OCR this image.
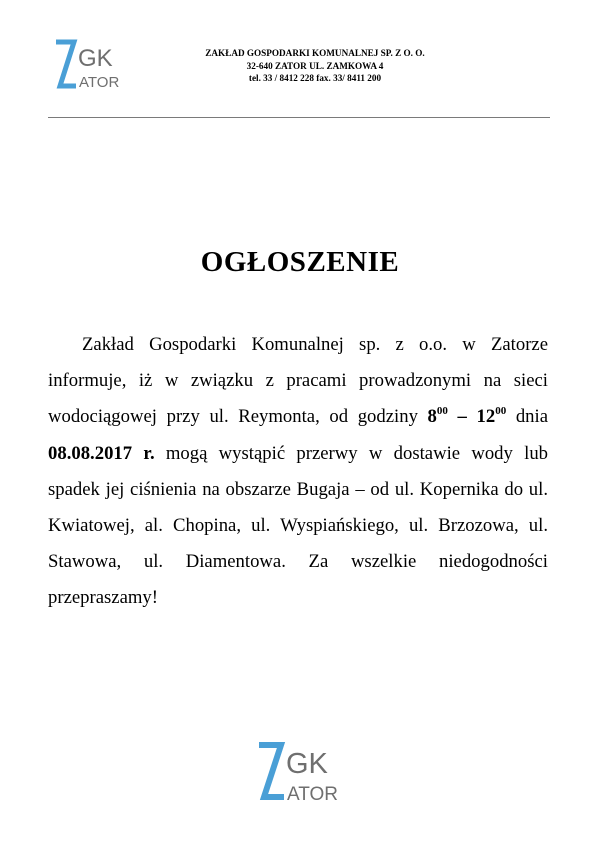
GK
ATOR
ZAKŁAD GOSPODARKI KOMUNALNEJ SP. Z O. O.
32-640 ZATOR UL. ZAMKOWA 4
tel. 33 / 8412 228 fax. 33/ 8411 200
OGŁOSZENIE

Zakład Gospodarki Komunalnej sp. z o.o. w Zatorze informuje, iż w związku z pracami prowadzonymi na sieci wodociągowej przy ul. Reymonta, od godziny $8^{00} - 12^{00}$ dnia 08.08.2017 r. mogą wystąpić przerwy w dostawie wody lub spadek jej ciśnienia na obszarze Bugaja – od ul. Kopernika do ul. Kwiatowej, al. Chopina, ul. Wyspiańskiego, ul. Brzozowa, ul. Stawowa, ul. Diamentowa. Za wszelkie niedogodności przepraszamy!

GK
ATOR
